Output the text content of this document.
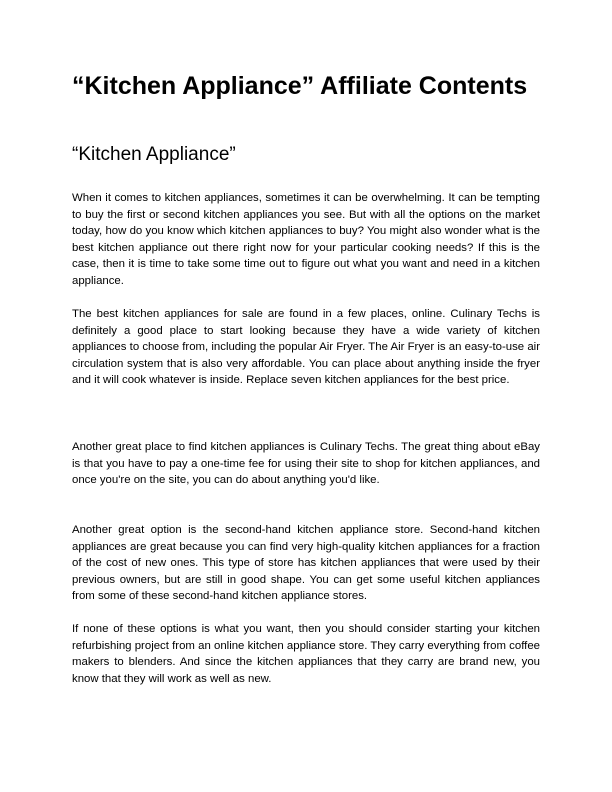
“Kitchen Appliance” Affiliate Contents
“Kitchen Appliance”

When it comes to kitchen appliances, sometimes it can be overwhelming. It can be tempting to buy the first or second kitchen appliances you see. But with all the options on the market today, how do you know which kitchen appliances to buy? You might also wonder what is the best kitchen appliance out there right now for your particular cooking needs? If this is the case, then it is time to take some time out to figure out what you want and need in a kitchen appliance.

The best kitchen appliances for sale are found in a few places, online. Culinary Techs is definitely a good place to start looking because they have a wide variety of kitchen appliances to choose from, including the popular Air Fryer. The Air Fryer is an easy-to-use air circulation system that is also very affordable. You can place about anything inside the fryer and it will cook whatever is inside. Replace seven kitchen appliances for the best price.

Another great place to find kitchen appliances is Culinary Techs. The great thing about eBay is that you have to pay a one-time fee for using their site to shop for kitchen appliances, and once you're on the site, you can do about anything you'd like.

Another great option is the second-hand kitchen appliance store. Second-hand kitchen appliances are great because you can find very high-quality kitchen appliances for a fraction of the cost of new ones. This type of store has kitchen appliances that were used by their previous owners, but are still in good shape. You can get some useful kitchen appliances from some of these second-hand kitchen appliance stores.

If none of these options is what you want, then you should consider starting your kitchen refurbishing project from an online kitchen appliance store. They carry everything from coffee makers to blenders. And since the kitchen appliances that they carry are brand new, you know that they will work as well as new.
